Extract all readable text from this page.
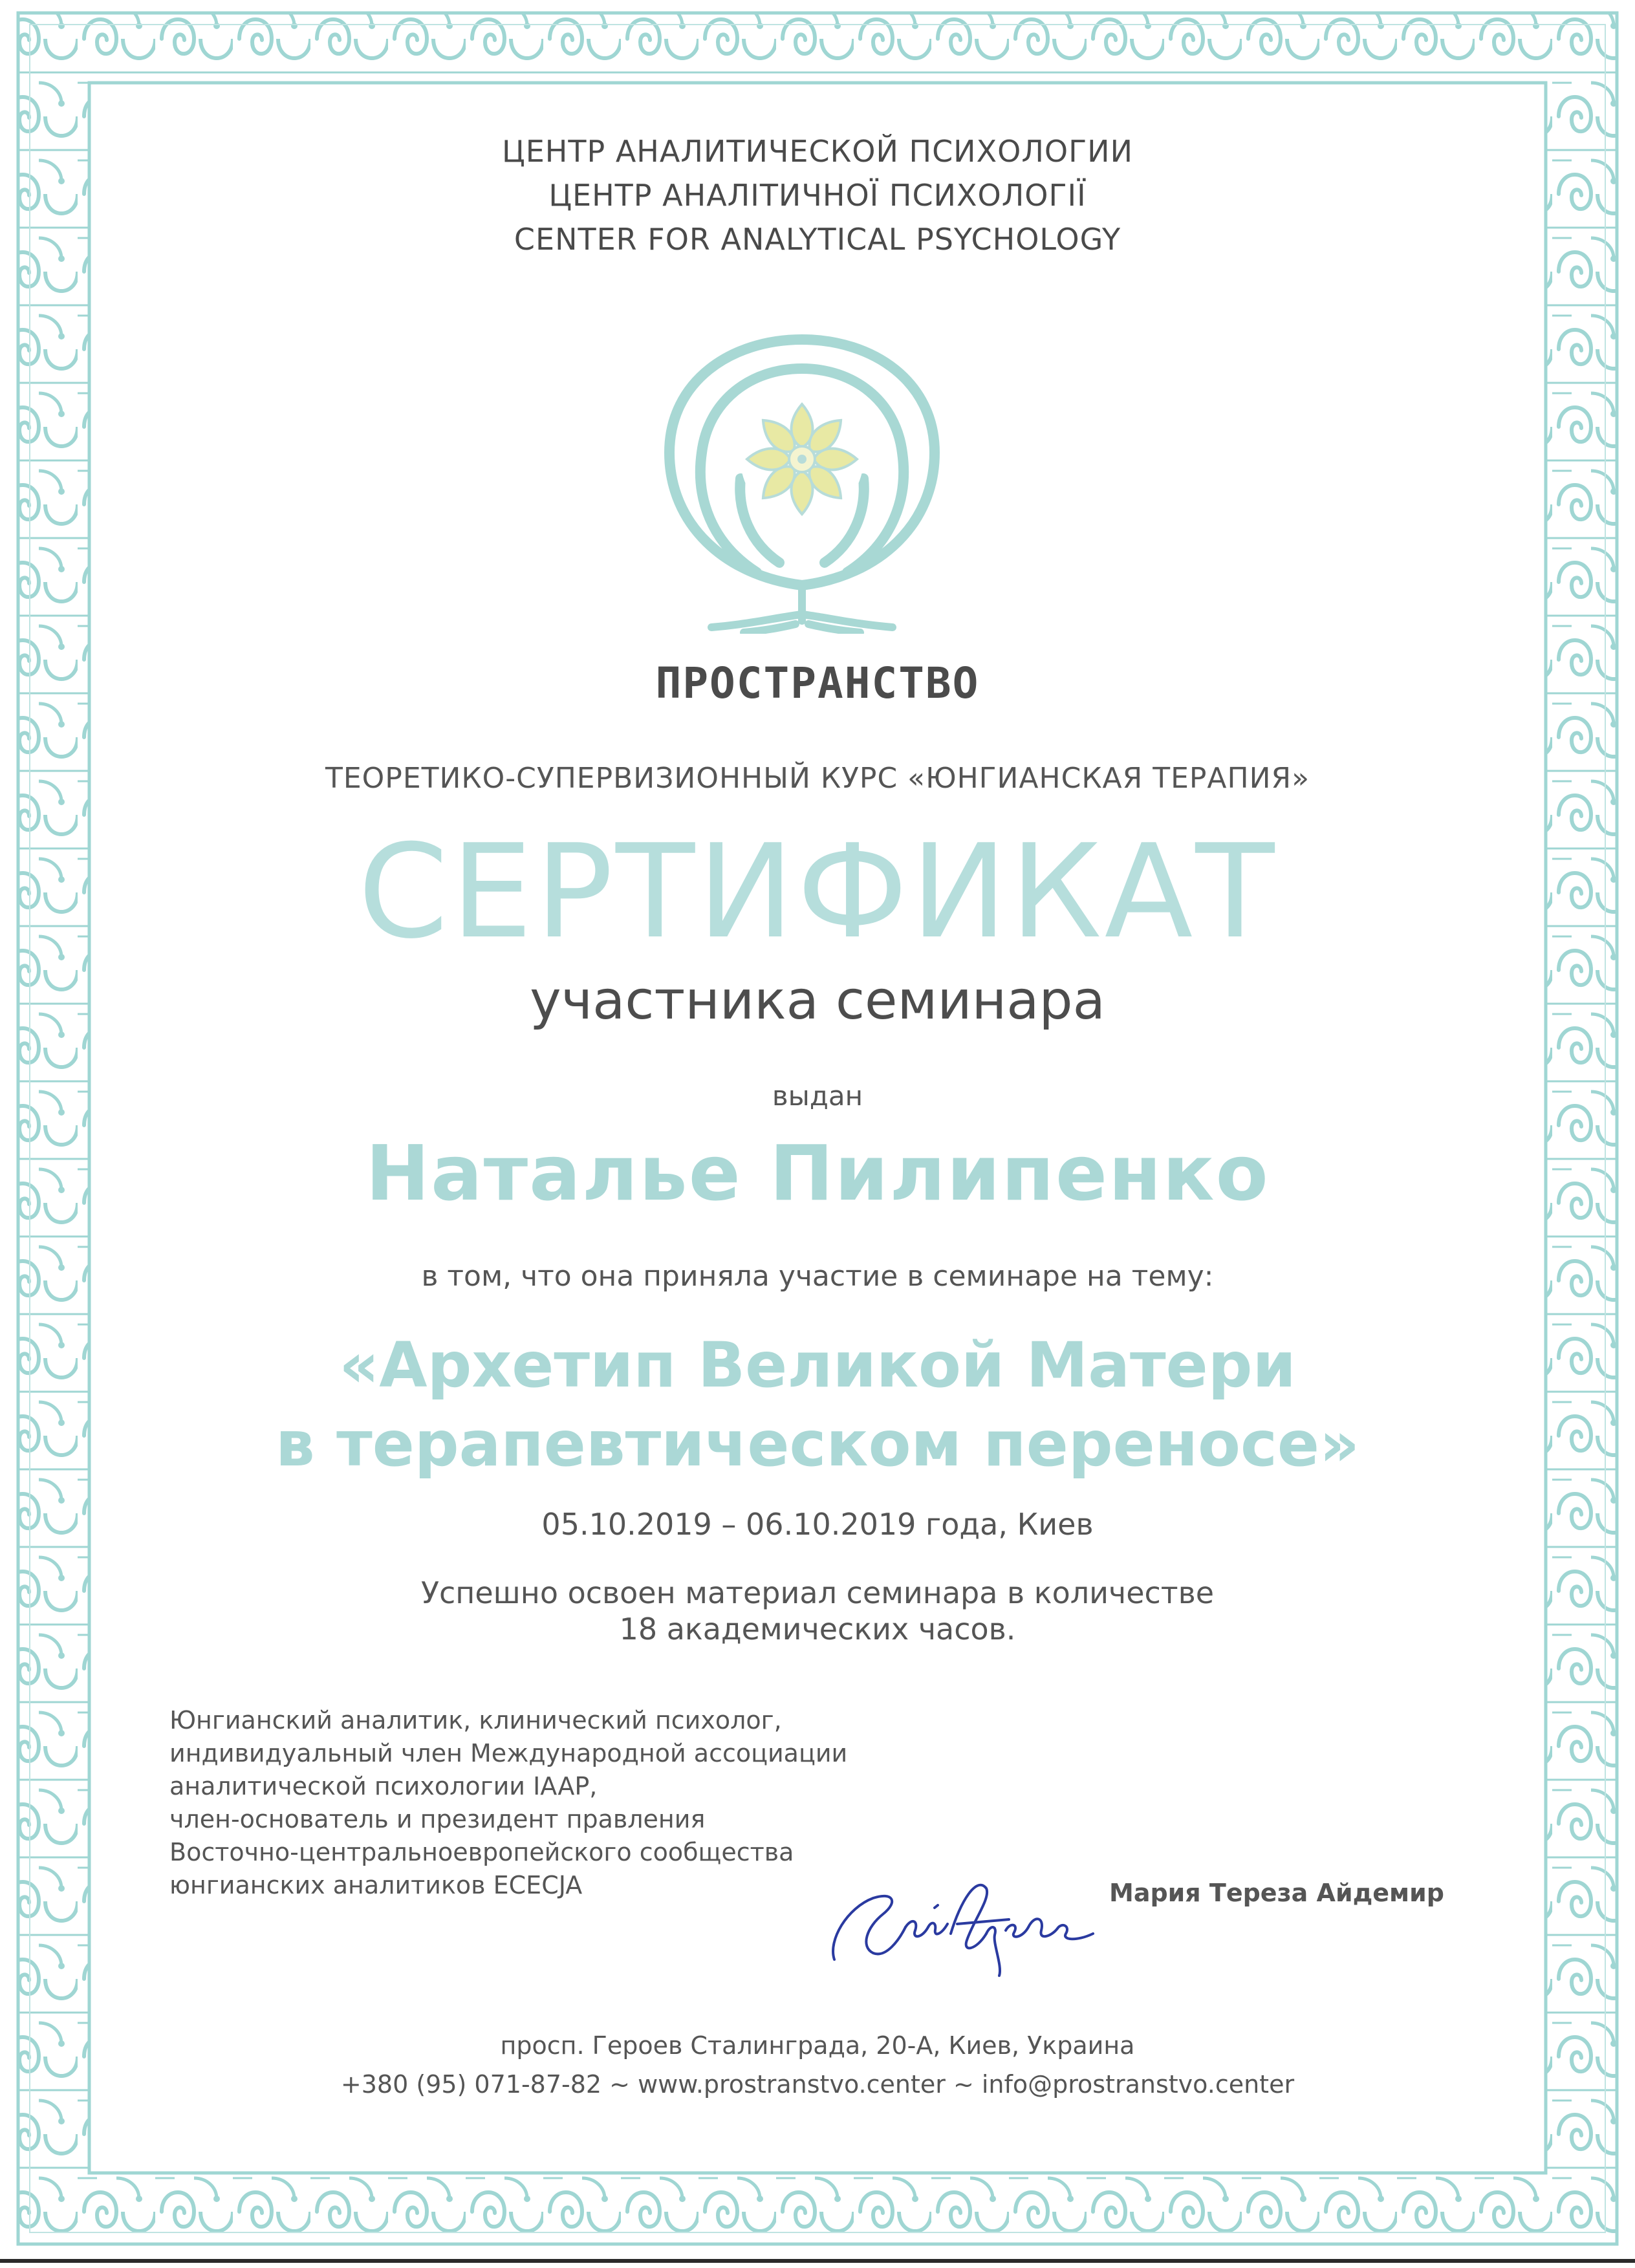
ЦЕНТР АНАЛИТИЧЕСКОЙ ПСИХОЛОГИИ
ЦЕНТР АНАЛІТИЧНОЇ ПСИХОЛОГІЇ
CENTER FOR ANALYTICAL PSYCHOLOGY
ПРОСТРАНСТВО
ТЕОРЕТИКО-СУПЕРВИЗИОННЫЙ КУРС «ЮНГИАНСКАЯ ТЕРАПИЯ»
СЕРТИФИКАТ
участника семинара
выдан
Наталье Пилипенко
в том, что она приняла участие в семинаре на тему:
«Архетип Великой Матери
в терапевтическом переносе»
05.10.2019 – 06.10.2019 года, Киев
Успешно освоен материал семинара в количестве
18 академических часов.
Юнгианский аналитик, клинический психолог,
индивидуальный член Международной ассоциации
аналитической психологии IAAP,
член-основатель и президент правления
Восточно-центральноевропейского сообщества
юнгианских аналитиков ECECJA	Мария Тереза Айдемир
просп. Героев Сталинграда, 20-А, Киев, Украина
+380 (95) 071-87-82 ~ www.prostranstvo.center ~ info@prostranstvo.center
